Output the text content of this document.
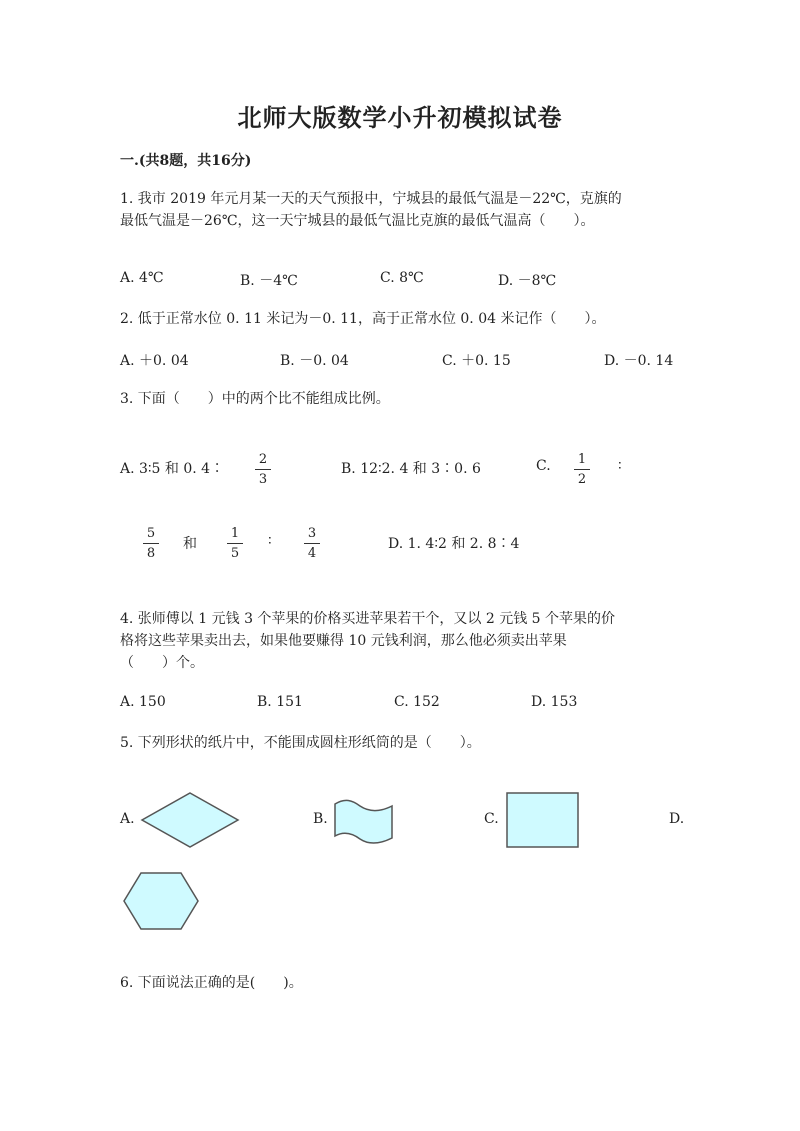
北师大版数学小升初模拟试卷
一.(共8题，共16分)
1. 我市 2019 年元月某一天的天气预报中，宁城县的最低气温是－22℃，克旗的
最低气温是－26℃，这一天宁城县的最低气温比克旗的最低气温高（　　）。
A. 4℃	B. －4℃	C. 8℃	D. －8℃
2. 低于正常水位 0. 11 米记为－0. 11，高于正常水位 0. 04 米记作（　　）。
A. ＋0. 04	B. －0. 04	C. ＋0. 15	D. －0. 14
3. 下面（　　）中的两个比不能组成比例。
A. 3∶5 和 0. 4∶
2
3
B. 12∶2. 4 和 3∶0. 6	C.	1
2
∶
5
8
和
1
5
∶	3
4
D. 1. 4∶2 和 2. 8∶4
4. 张师傅以 1 元钱 3 个苹果的价格买进苹果若干个，又以 2 元钱 5 个苹果的价
格将这些苹果卖出去，如果他要赚得 10 元钱利润，那么他必须卖出苹果
（　　）个。
A. 150	B. 151	C. 152	D. 153
5. 下列形状的纸片中，不能围成圆柱形纸筒的是（　　）。
A.	B.	C.	D.
6. 下面说法正确的是(　　)。
